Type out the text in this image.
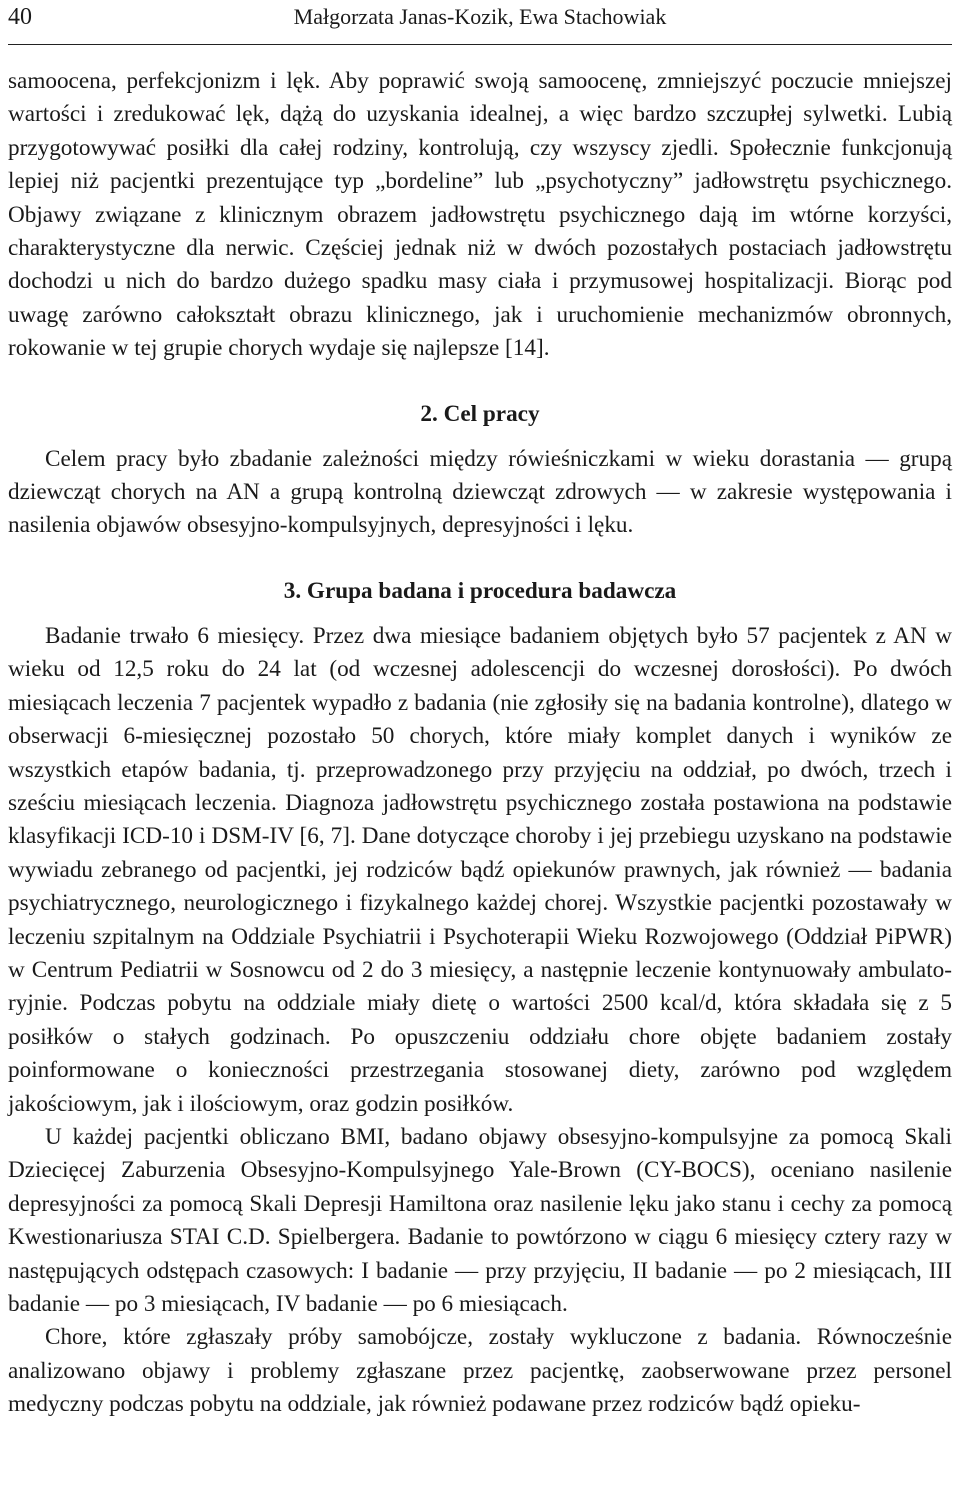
40	Małgorzata Janas-Kozik, Ewa Stachowiak

samoocena, perfekcjonizm i lęk. Aby poprawić swoją samoocenę, zmniejszyć poczucie mniejszej wartości i zredukować lęk, dążą do uzyskania idealnej, a więc bardzo szczupłej sylwetki. Lubią przygotowywać posiłki dla całej rodziny, kontrolują, czy wszyscy zjedli. Społecznie funkcjonują lepiej niż pacjentki prezentujące typ „bordeline” lub „psychotyczny” jadłowstrętu psychicznego. Objawy związane z klinicznym obrazem jadłowstrętu psychicznego dają im wtórne korzyści, charakterystyczne dla nerwic. Częściej jednak niż w dwóch pozostałych postaciach jadłowstrętu dochodzi u nich do bardzo dużego spadku masy ciała i przymusowej hospitalizacji. Biorąc pod uwagę zarówno całokształt obrazu klinicznego, jak i uruchomienie mechanizmów obronnych, rokowanie w tej grupie chorych wydaje się najlepsze [14].

2. Cel pracy

Celem pracy było zbadanie zależności między rówieśniczkami w wieku dorastania — grupą dziewcząt chorych na AN a grupą kontrolną dziewcząt zdrowych — w zakresie występowania i nasilenia objawów obsesyjno-kompulsyjnych, depresyjności i lęku.

3. Grupa badana i procedura badawcza

Badanie trwało 6 miesięcy. Przez dwa miesiące badaniem objętych było 57 pacjentek z AN w wieku od 12,5 roku do 24 lat (od wczesnej adolescencji do wczesnej dorosłości). Po dwóch miesiącach leczenia 7 pacjentek wypadło z badania (nie zgłosiły się na badania kontrolne), dlatego w obserwacji 6-miesięcznej pozostało 50 chorych, które miały komplet danych i wyników ze wszystkich etapów badania, tj. przeprowadzonego przy przyjęciu na oddział, po dwóch, trzech i sześciu miesiącach leczenia. Diagnoza jadłowstrętu psychicznego została postawiona na podstawie klasyfikacji ICD-10 i DSM-IV [6, 7]. Dane dotyczące choroby i jej przebiegu uzyskano na podstawie wywiadu zebranego od pacjentki, jej rodziców bądź opiekunów prawnych, jak również — badania psychiatrycznego, neurologicznego i fizykalnego każdej chorej. Wszystkie pacjentki pozostawały w leczeniu szpitalnym na Oddziale Psychiatrii i Psychoterapii Wieku Rozwojowego (Oddział PiPWR) w Centrum Pediatrii w Sosnowcu od 2 do 3 miesięcy, a następnie leczenie kontynuowały ambulatoryjnie. Podczas pobytu na oddziale miały dietę o wartości 2500 kcal/d, która składała się z 5 posiłków o stałych godzinach. Po opuszczeniu oddziału chore objęte badaniem zostały poinformowane o konieczności przestrzegania stosowanej diety, zarówno pod względem jakościowym, jak i ilościowym, oraz godzin posiłków.

U każdej pacjentki obliczano BMI, badano objawy obsesyjno-kompulsyjne za pomocą Skali Dziecięcej Zaburzenia Obsesyjno-Kompulsyjnego Yale-Brown (CY-BOCS), oceniano nasilenie depresyjności za pomocą Skali Depresji Hamiltona oraz nasilenie lęku jako stanu i cechy za pomocą Kwestionariusza STAI C.D. Spielbergera. Badanie to powtórzono w ciągu 6 miesięcy cztery razy w następujących odstępach czasowych: I badanie — przy przyjęciu, II badanie — po 2 miesiącach, III badanie — po 3 miesiącach, IV badanie — po 6 miesiącach.

Chore, które zgłaszały próby samobójcze, zostały wykluczone z badania. Równocześnie analizowano objawy i problemy zgłaszane przez pacjentkę, zaobserwowane przez personel medyczny podczas pobytu na oddziale, jak również podawane przez rodziców bądź opieku-
